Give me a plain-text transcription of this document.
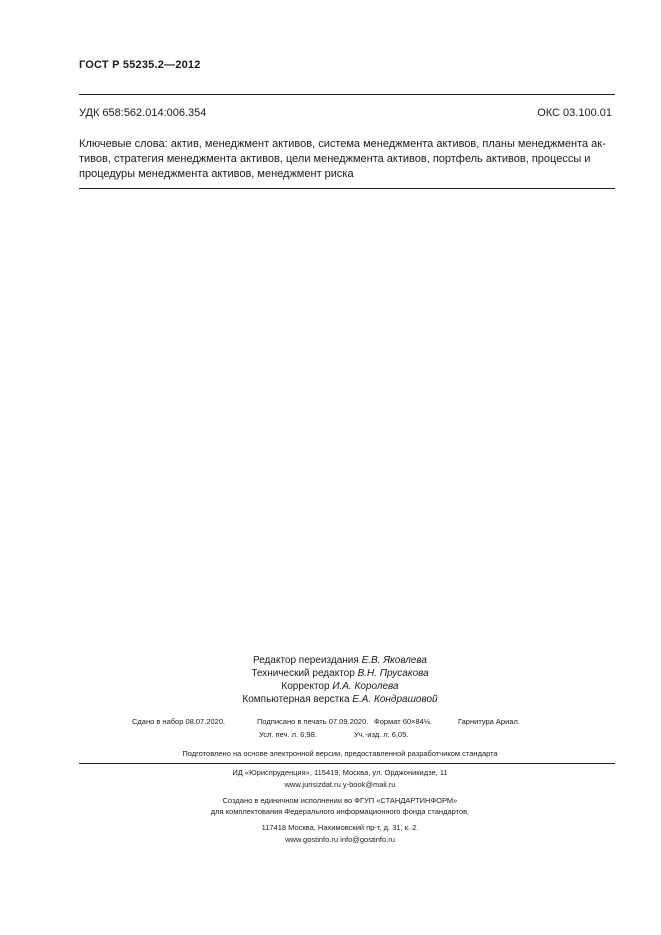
ГОСТ Р 55235.2—2012
УДК 658:562.014:006.354	ОКС 03.100.01
Ключевые слова: актив, менеджмент активов, система менеджмента активов, планы менеджмента ак-
тивов, стратегия менеджмента активов, цели менеджмента активов, портфель активов, процессы и
процедуры менеджмента активов, менеджмент риска
Редактор переиздания Е.В. Яковлева
Технический редактор В.Н. Прусакова
Корректор И.А. Королева
Компьютерная верстка Е.А. Кондрашовой
Сдано в набор 08.07.2020.	Подписано в печать 07.09.2020. Формат 60×84⅛.	Гарнитура Ариал.
Усл. печ. л. 6,98.	Уч.-изд. л. 6,05.
Подготовлено на основе электронной версии, предоставленной разработчиком стандарта
ИД «Юриспруденция», 115419, Москва, ул. Орджоникидзе, 11
www.jurisizdat.ru y-book@mail.ru
Создано в единичном исполнении во ФГУП «СТАНДАРТИНФОРМ»
для комплектования Федерального информационного фонда стандартов,
117418 Москва, Нахимовский пр-т, д. 31, к. 2.
www.gostinfo.ru info@gostinfo.ru
